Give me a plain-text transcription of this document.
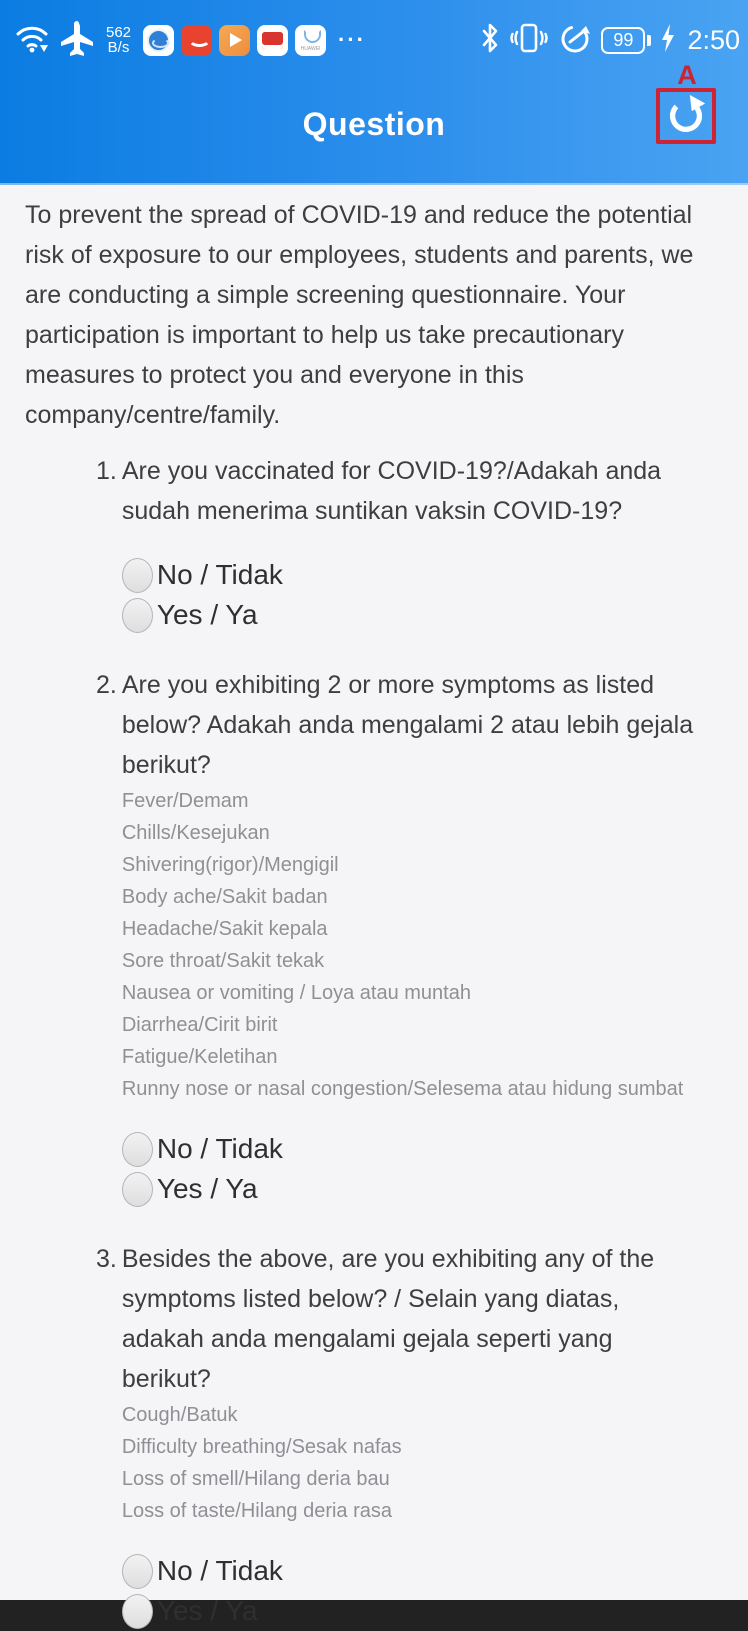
562
B/s HUAWEI	···	99 2:50
Question
A

To prevent the spread of COVID-19 and reduce the potential risk of exposure to our employees, students and parents, we are conducting a simple screening questionnaire. Your participation is important to help us take precautionary measures to protect you and everyone in this company/centre/family.

1. Are you vaccinated for COVID-19?/Adakah anda sudah menerima suntikan vaksin COVID-19?
No / Tidak
Yes / Ya
2. Are you exhibiting 2 or more symptoms as listed below? Adakah anda mengalami 2 atau lebih gejala berikut?
Fever/Demam
Chills/Kesejukan
Shivering(rigor)/Mengigil
Body ache/Sakit badan
Headache/Sakit kepala
Sore throat/Sakit tekak
Nausea or vomiting / Loya atau muntah
Diarrhea/Cirit birit
Fatigue/Keletihan
Runny nose or nasal congestion/Selesema atau hidung sumbat
No / Tidak
Yes / Ya
3. Besides the above, are you exhibiting any of the symptoms listed below? / Selain yang diatas, adakah anda mengalami gejala seperti yang berikut?
Cough/Batuk
Difficulty breathing/Sesak nafas
Loss of smell/Hilang deria bau
Loss of taste/Hilang deria rasa
No / Tidak
Yes / Ya
